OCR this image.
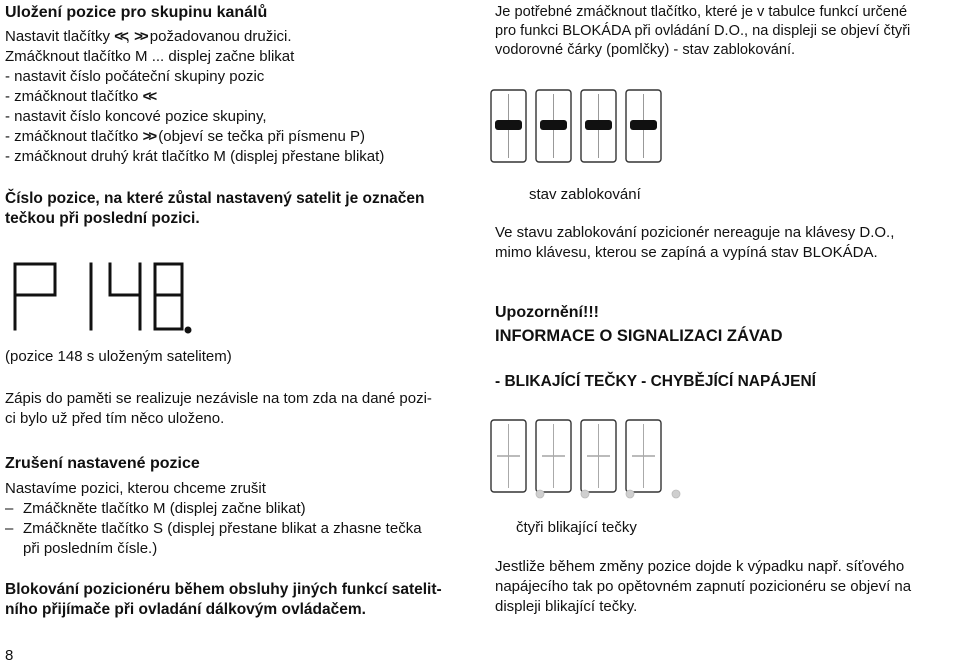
Uložení pozice pro skupinu kanálů
Nastavit tlačítky <<, >> požadovanou družici.
Zmáčknout tlačítko M ... displej začne blikat
- nastavit číslo počáteční skupiny pozic
- zmáčknout tlačítko <<
- nastavit číslo koncové pozice skupiny,
- zmáčknout tlačítko >> (objeví se tečka při písmenu P)
- zmáčknout druhý krát tlačítko M (displej přestane blikat)
Číslo pozice, na které zůstal nastavený satelit je označen
tečkou při poslední pozici.
(pozice 148 s uloženým satelitem)
Zápis do paměti se realizuje nezávisle na tom zda na dané pozi-
ci bylo už před tím něco uloženo.
Zrušení nastavené pozice
Nastavíme pozici, kterou chceme zrušit
– Zmáčkněte tlačítko M (displej začne blikat)
– Zmáčkněte tlačítko S (displej přestane blikat a zhasne tečka
při posledním čísle.)
Blokování pozicionéru během obsluhy jiných funkcí satelit-
ního přijímače při ovladání dálkovým ovládačem.
8
Je potřebné zmáčknout tlačítko, které je v tabulce funkcí určené
pro funkci BLOKÁDA při ovládání D.O., na displeji se objeví čtyři
vodorovné čárky (pomlčky) - stav zablokování.
stav zablokování
Ve stavu zablokování pozicionér nereaguje na klávesy D.O.,
mimo klávesu, kterou se zapíná a vypíná stav BLOKÁDA.
Upozornění!!!
INFORMACE O SIGNALIZACI ZÁVAD
- BLIKAJÍCÍ TEČKY - CHYBĚJÍCÍ NAPÁJENÍ
čtyři blikající tečky
Jestliže během změny pozice dojde k výpadku např. síťového
napájecího tak po opětovném zapnutí pozicionéru se objeví na
displeji blikající tečky.
